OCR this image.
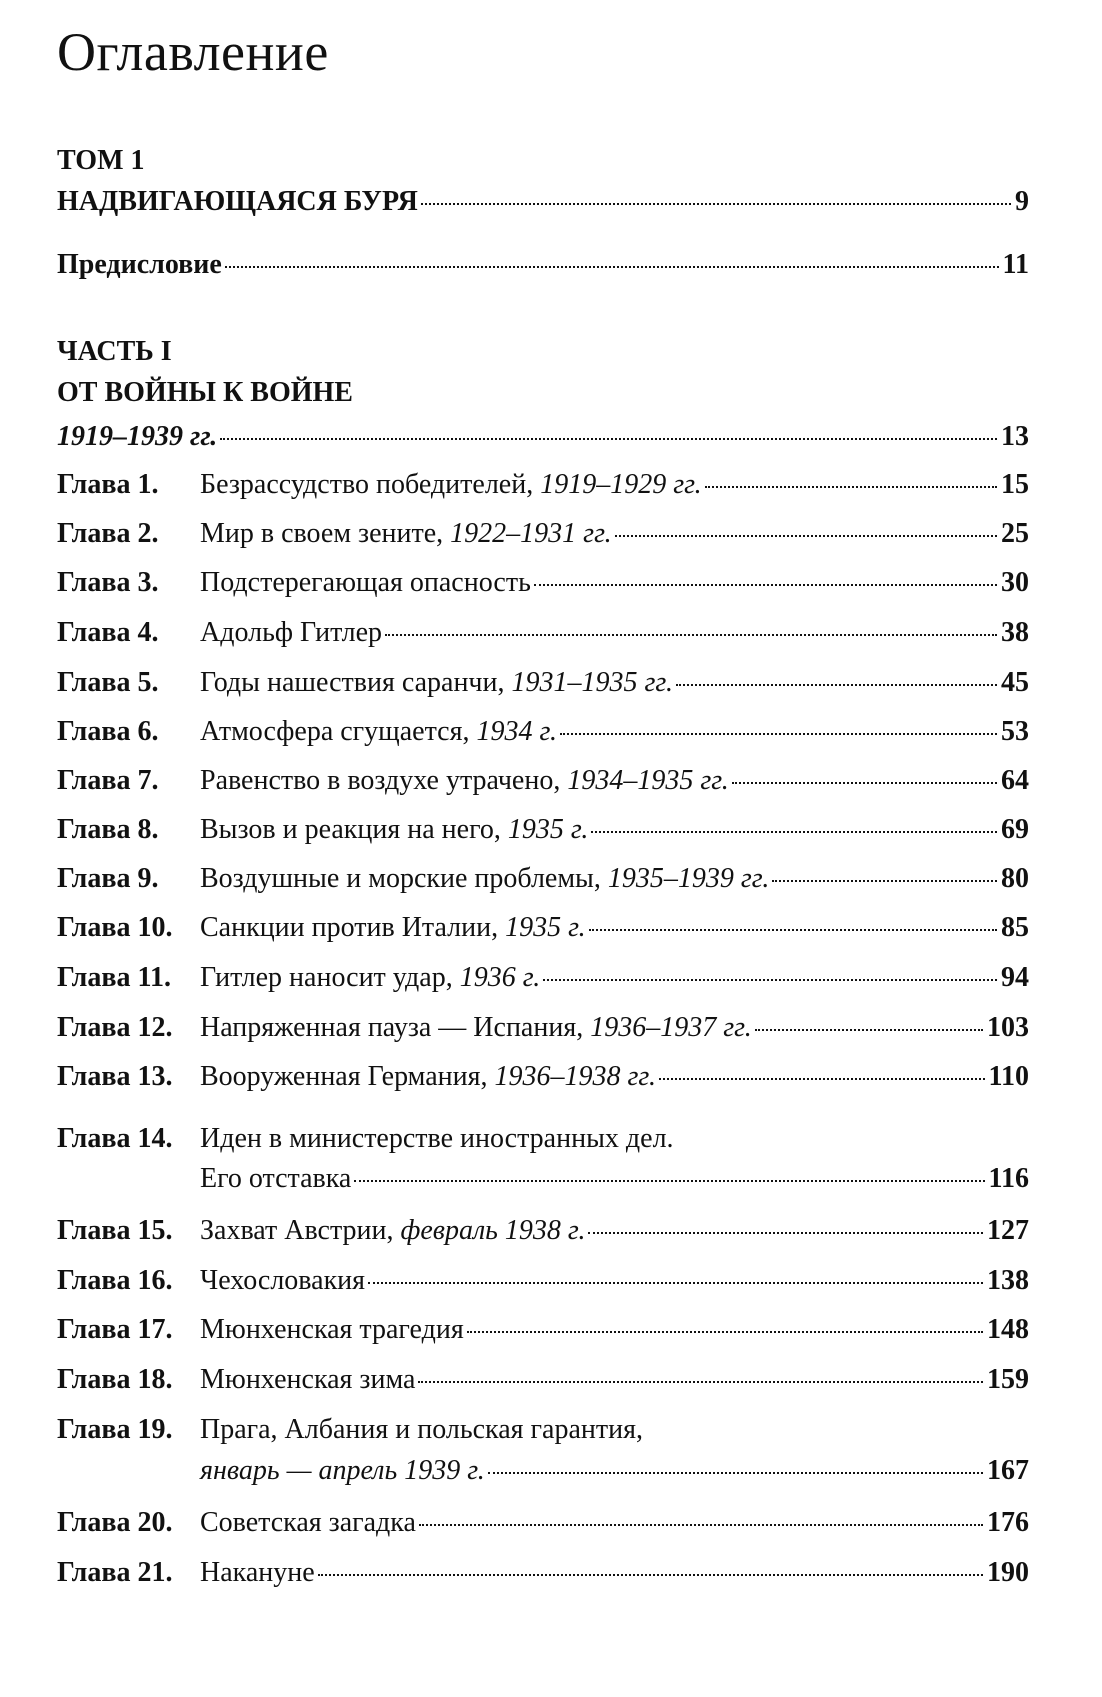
Оглавление
ТОМ 1
НАДВИГАЮЩАЯСЯ БУРЯ	9
Предисловие	11
ЧАСТЬ I
ОТ ВОЙНЫ К ВОЙНЕ
1919–1939 гг.	13
Глава 1.	Безрассудство победителей, 1919–1929 гг.	15
Глава 2.	Мир в своем зените, 1922–1931 гг.	25
Глава 3.	Подстерегающая опасность	30
Глава 4.	Адольф Гитлер	38
Глава 5.	Годы нашествия саранчи, 1931–1935 гг.	45
Глава 6.	Атмосфера сгущается, 1934 г.	53
Глава 7.	Равенство в воздухе утрачено, 1934–1935 гг.	64
Глава 8.	Вызов и реакция на него, 1935 г.	69
Глава 9.	Воздушные и морские проблемы, 1935–1939 гг.	80
Глава 10. Санкции против Италии, 1935 г.	85
Глава 11.	Гитлер наносит удар, 1936 г.	94
Глава 12. Напряженная пауза — Испания, 1936–1937 гг.	103
Глава 13. Вооруженная Германия, 1936–1938 гг.	110
Глава 14. Иден в министерстве иностранных дел.
Его отставка	116
Глава 15. Захват Австрии, февраль 1938 г.	127
Глава 16. Чехословакия	138
Глава 17. Мюнхенская трагедия	148
Глава 18. Мюнхенская зима	159
Глава 19. Прага, Албания и польская гарантия,
январь — апрель 1939 г.	167
Глава 20. Советская загадка	176
Глава 21. Накануне	190
